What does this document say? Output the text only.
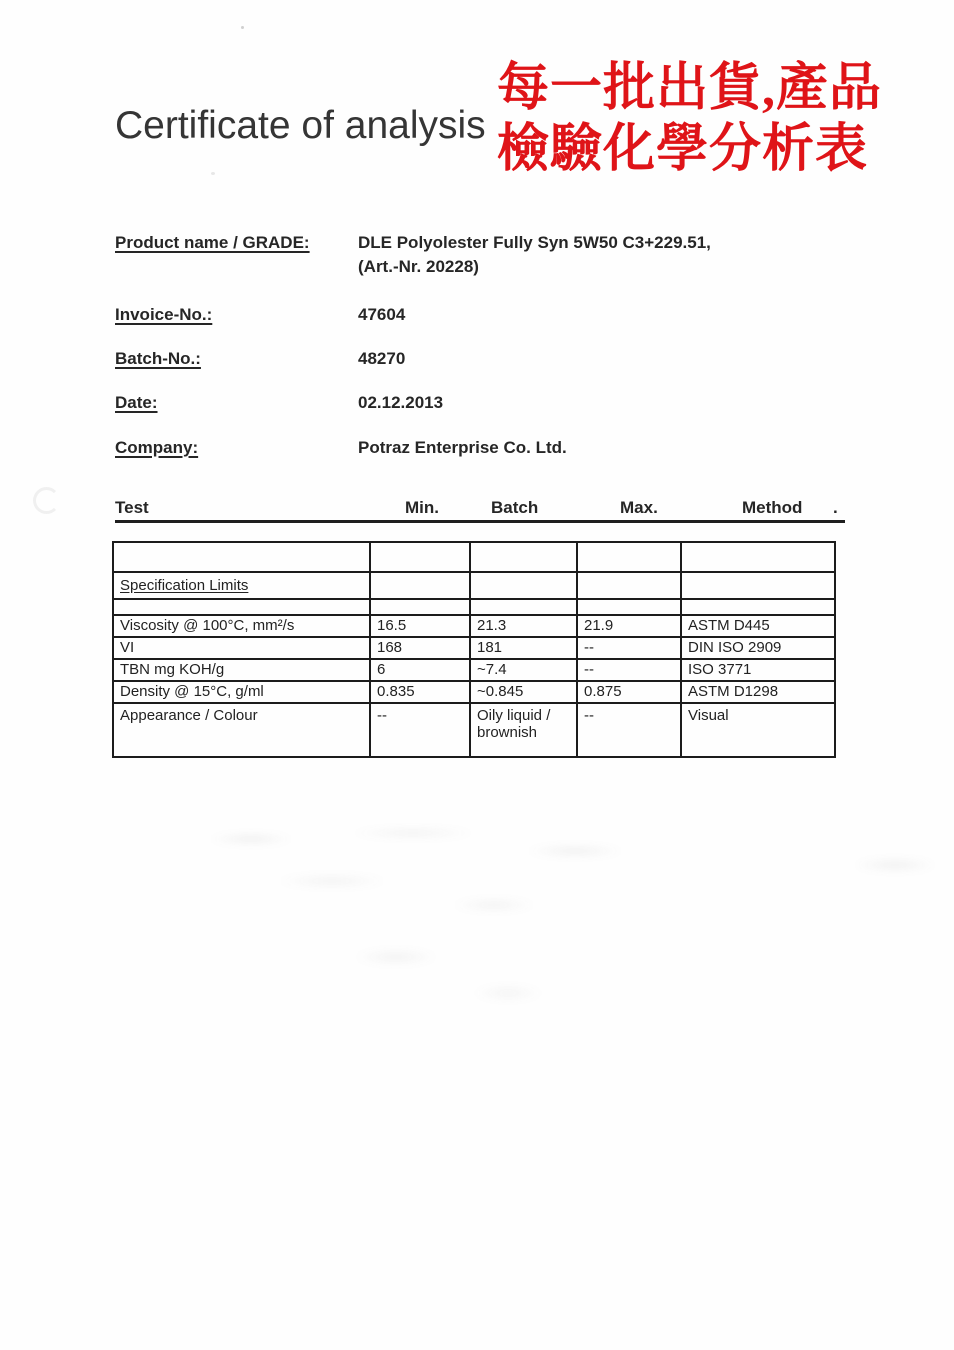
Certificate of analysis
每一批出貨,產品
檢驗化學分析表
Product name / GRADE:	DLE Polyolester Fully Syn 5W50 C3+229.51,
(Art.-Nr. 20228)
Invoice-No.:	47604
Batch-No.:	48270
Date:	02.12.2013
Company:	Potraz Enterprise Co. Ltd.
Test	Min.	Batch	Max.	Method .

Specification Limits				

Viscosity @ 100°C, mm²/s	16.5	21.3	21.9	ASTM D445
VI	168	181	--	DIN ISO 2909
TBN mg KOH/g	6	~7.4	--	ISO 3771
Density @ 15°C, g/ml	0.835	~0.845	0.875	ASTM D1298
Appearance / Colour	--	Oily liquid / brownish	--	Visual
